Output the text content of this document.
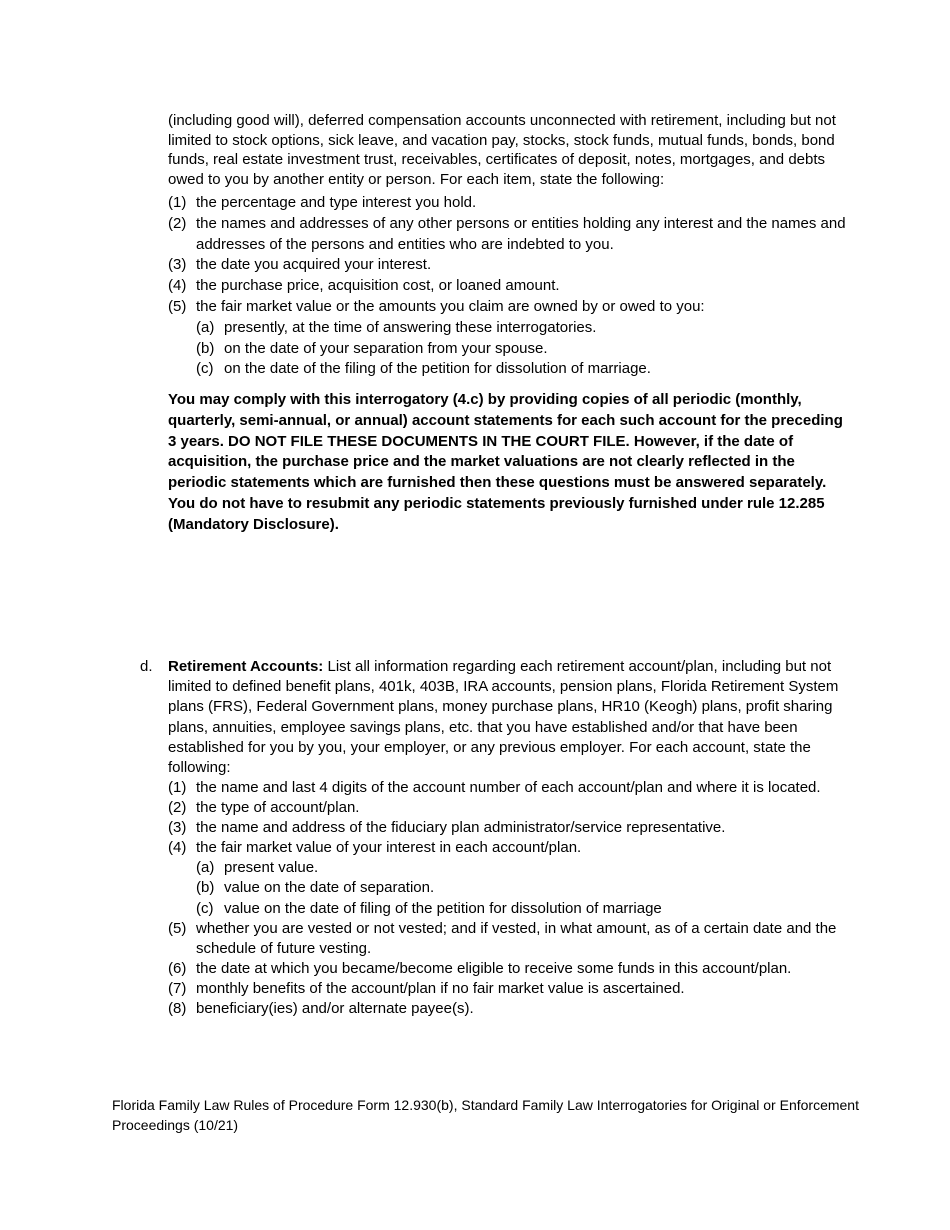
(including good will), deferred compensation accounts unconnected with retirement, including but not limited to stock options, sick leave, and vacation pay, stocks, stock funds, mutual funds, bonds, bond funds, real estate investment trust, receivables, certificates of deposit, notes, mortgages, and debts owed to you by another entity or person. For each item, state the following:

(1) the percentage and type interest you hold.
(2) the names and addresses of any other persons or entities holding any interest and the names and addresses of the persons and entities who are indebted to you.
(3) the date you acquired your interest.
(4) the purchase price, acquisition cost, or loaned amount.
(5) the fair market value or the amounts you claim are owned by or owed to you:
(a) presently, at the time of answering these interrogatories.
(b) on the date of your separation from your spouse.
(c) on the date of the filing of the petition for dissolution of marriage.

You may comply with this interrogatory (4.c) by providing copies of all periodic (monthly, quarterly, semi-annual, or annual) account statements for each such account for the preceding 3 years. DO NOT FILE THESE DOCUMENTS IN THE COURT FILE. However, if the date of acquisition, the purchase price and the market valuations are not clearly reflected in the periodic statements which are furnished then these questions must be answered separately. You do not have to resubmit any periodic statements previously furnished under rule 12.285 (Mandatory Disclosure).

d. Retirement Accounts: List all information regarding each retirement account/plan, including but not limited to defined benefit plans, 401k, 403B, IRA accounts, pension plans, Florida Retirement System plans (FRS), Federal Government plans, money purchase plans, HR10 (Keogh) plans, profit sharing plans, annuities, employee savings plans, etc. that you have established and/or that have been established for you by you, your employer, or any previous employer. For each account, state the following:

(1) the name and last 4 digits of the account number of each account/plan and where it is located.
(2) the type of account/plan.
(3) the name and address of the fiduciary plan administrator/service representative.
(4) the fair market value of your interest in each account/plan.
(a) present value.
(b) value on the date of separation.
(c) value on the date of filing of the petition for dissolution of marriage
(5) whether you are vested or not vested; and if vested, in what amount, as of a certain date and the schedule of future vesting.
(6) the date at which you became/become eligible to receive some funds in this account/plan.
(7) monthly benefits of the account/plan if no fair market value is ascertained.
(8) beneficiary(ies) and/or alternate payee(s).
Florida Family Law Rules of Procedure Form 12.930(b), Standard Family Law Interrogatories for Original or Enforcement Proceedings (10/21)
